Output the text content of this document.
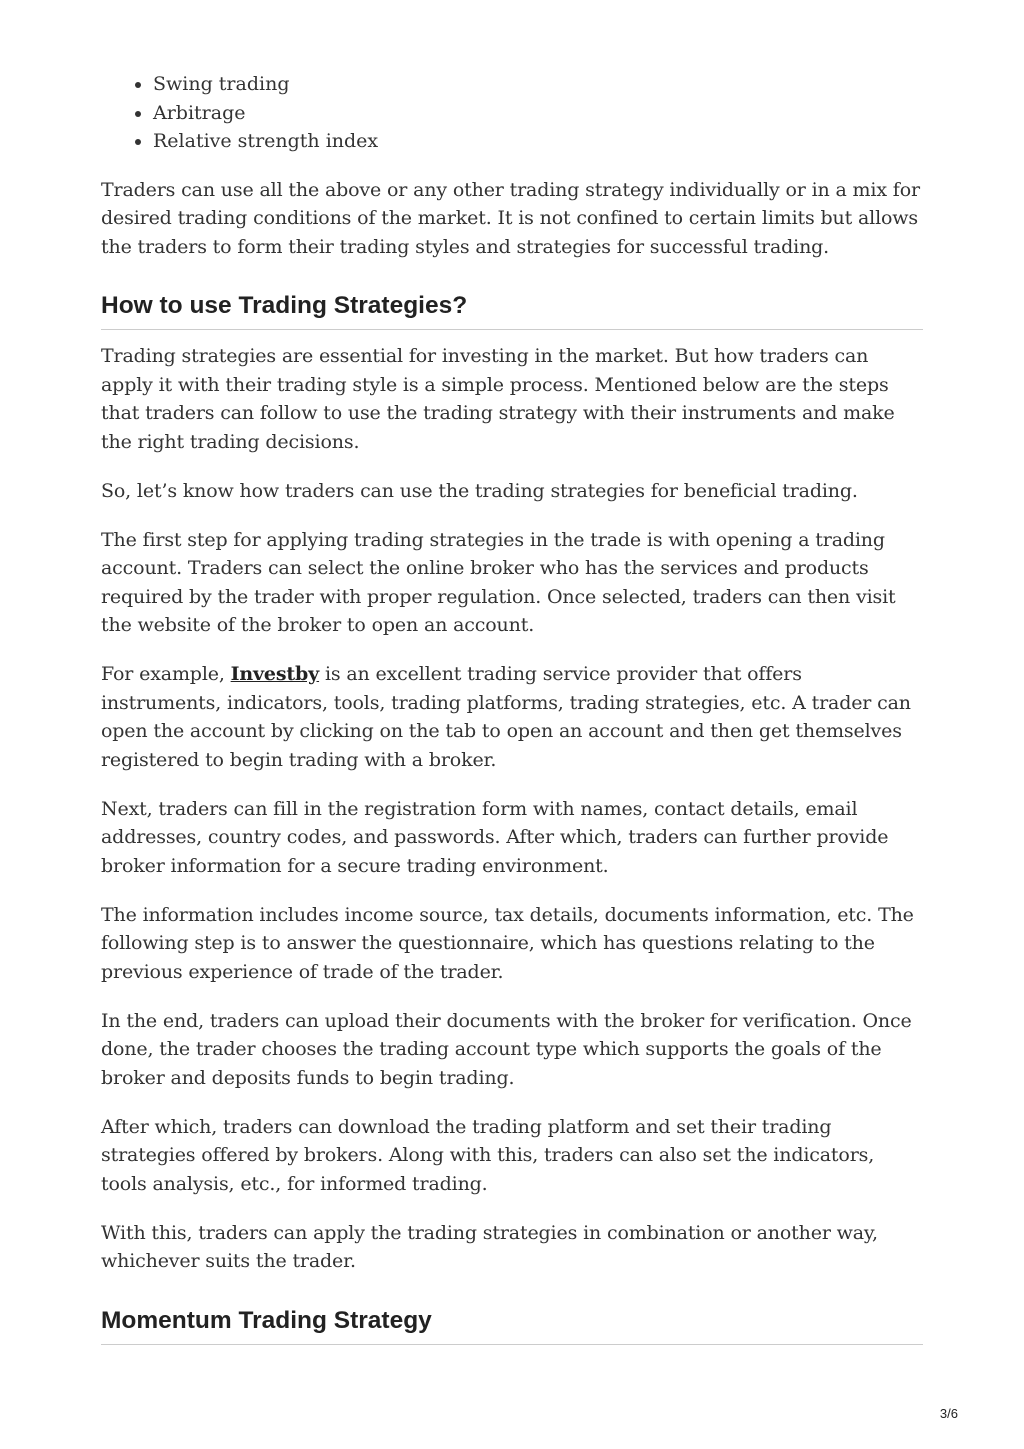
• Swing trading
• Arbitrage
• Relative strength index

Traders can use all the above or any other trading strategy individually or in a mix for desired trading conditions of the market. It is not confined to certain limits but allows the traders to form their trading styles and strategies for successful trading.

How to use Trading Strategies?

Trading strategies are essential for investing in the market. But how traders can apply it with their trading style is a simple process. Mentioned below are the steps that traders can follow to use the trading strategy with their instruments and make the right trading decisions.

So, let’s know how traders can use the trading strategies for beneficial trading.

The first step for applying trading strategies in the trade is with opening a trading account. Traders can select the online broker who has the services and products required by the trader with proper regulation. Once selected, traders can then visit the website of the broker to open an account.

For example, Investby is an excellent trading service provider that offers instruments, indicators, tools, trading platforms, trading strategies, etc. A trader can open the account by clicking on the tab to open an account and then get themselves registered to begin trading with a broker.

Next, traders can fill in the registration form with names, contact details, email addresses, country codes, and passwords. After which, traders can further provide broker information for a secure trading environment.

The information includes income source, tax details, documents information, etc. The following step is to answer the questionnaire, which has questions relating to the previous experience of trade of the trader.

In the end, traders can upload their documents with the broker for verification. Once done, the trader chooses the trading account type which supports the goals of the broker and deposits funds to begin trading.

After which, traders can download the trading platform and set their trading strategies offered by brokers. Along with this, traders can also set the indicators, tools analysis, etc., for informed trading.

With this, traders can apply the trading strategies in combination or another way, whichever suits the trader.

Momentum Trading Strategy
3/6
